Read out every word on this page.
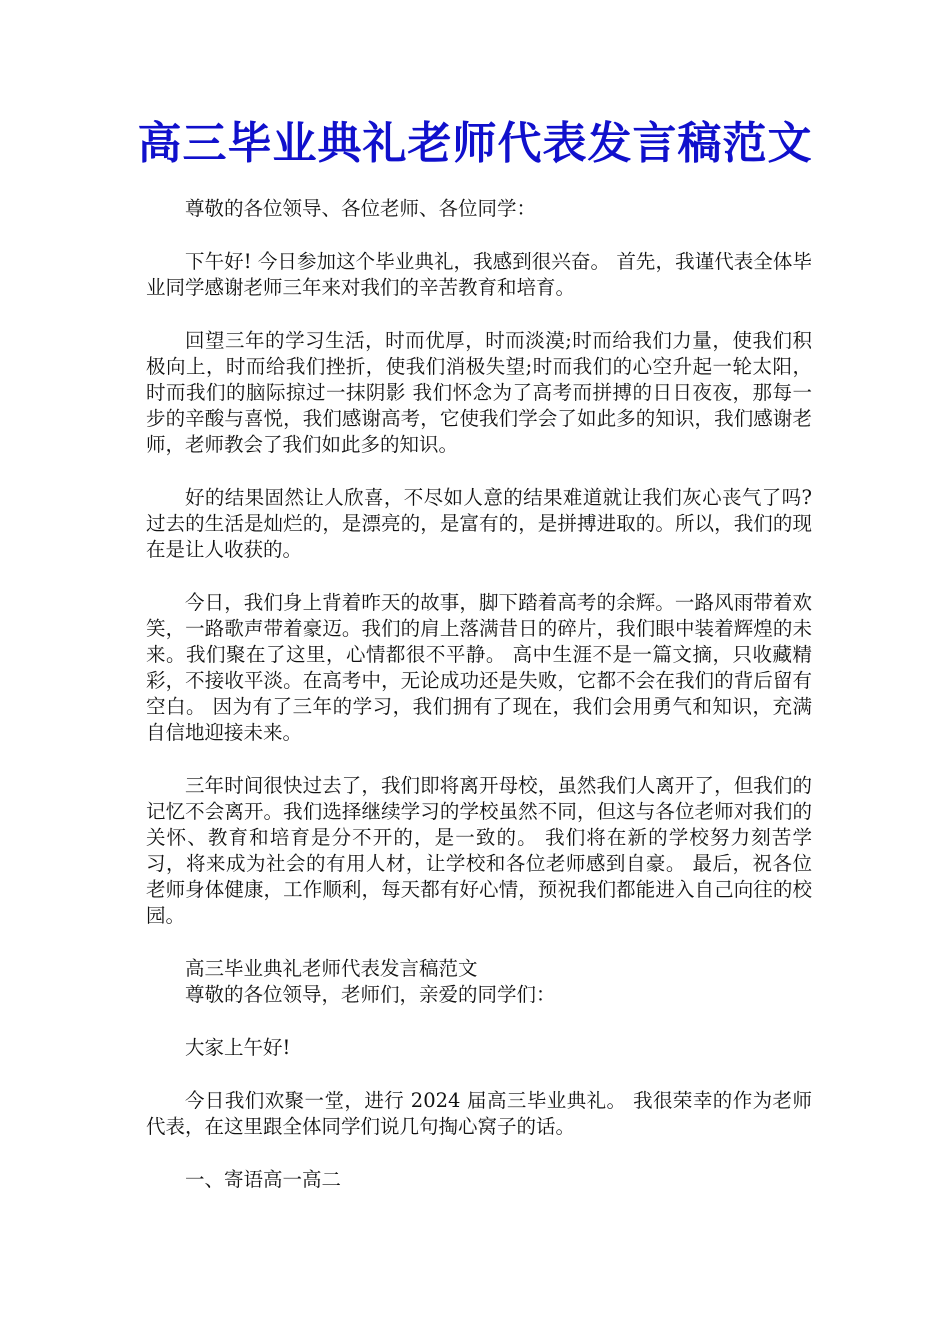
高三毕业典礼老师代表发言稿范文

尊敬的各位领导、各位老师、各位同学：

下午好! 今日参加这个毕业典礼，我感到很兴奋。 首先，我谨代表全体毕业同学感谢老师三年来对我们的辛苦教育和培育。

回望三年的学习生活，时而优厚，时而淡漠;时而给我们力量，使我们积极向上，时而给我们挫折，使我们消极失望;时而我们的心空升起一轮太阳，时而我们的脑际掠过一抹阴影 我们怀念为了高考而拼搏的日日夜夜，那每一步的辛酸与喜悦，我们感谢高考，它使我们学会了如此多的知识，我们感谢老师，老师教会了我们如此多的知识。

好的结果固然让人欣喜，不尽如人意的结果难道就让我们灰心丧气了吗? 过去的生活是灿烂的，是漂亮的，是富有的，是拼搏进取的。所以，我们的现在是让人收获的。

今日，我们身上背着昨天的故事，脚下踏着高考的余辉。一路风雨带着欢笑，一路歌声带着豪迈。我们的肩上落满昔日的碎片，我们眼中装着辉煌的未来。我们聚在了这里，心情都很不平静。 高中生涯不是一篇文摘，只收藏精彩，不接收平淡。在高考中，无论成功还是失败，它都不会在我们的背后留有空白。 因为有了三年的学习，我们拥有了现在，我们会用勇气和知识，充满自信地迎接未来。

三年时间很快过去了，我们即将离开母校，虽然我们人离开了，但我们的记忆不会离开。我们选择继续学习的学校虽然不同，但这与各位老师对我们的关怀、教育和培育是分不开的，是一致的。 我们将在新的学校努力刻苦学习，将来成为社会的有用人材，让学校和各位老师感到自豪。 最后，祝各位老师身体健康，工作顺利，每天都有好心情，预祝我们都能进入自己向往的校园。

高三毕业典礼老师代表发言稿范文

尊敬的各位领导，老师们，亲爱的同学们：

大家上午好!

今日我们欢聚一堂，进行 2024 届高三毕业典礼。 我很荣幸的作为老师代表，在这里跟全体同学们说几句掏心窝子的话。

一、寄语高一高二
